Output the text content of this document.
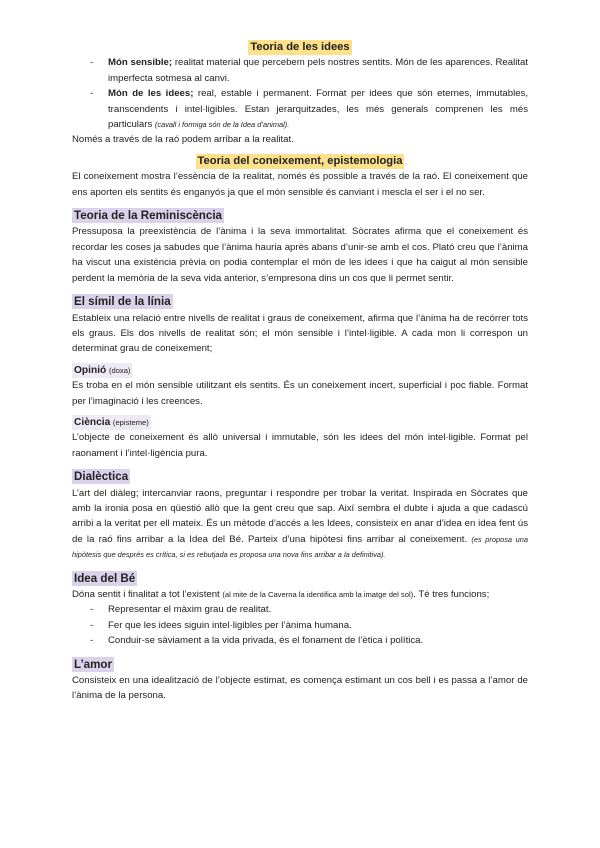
Teoria de les idees
- Món sensible; realitat material que percebem pels nostres sentits. Món de les aparences. Realitat imperfecta sotmesa al canvi.
- Món de les idees; real, estable i permanent. Format per idees que són eternes, immutables, transcendents i intel·ligibles. Estan jerarquitzades, les més generals comprenen les més particulars (cavall i formiga són de la Idea d’animal).

Només a través de la raó podem arribar a la realitat.

Teoria del coneixement, epistemologia

El coneixement mostra l’essència de la realitat, només és possible a través de la raó. El coneixement que ens aporten els sentits és enganyós ja que el món sensible és canviant i mescla el ser i el no ser.

Teoria de la Reminiscència

Pressuposa la preexistència de l’ànima i la seva immortalitat. Sòcrates afirma que el coneixement és recordar les coses ja sabudes que l’ànima hauria après abans d’unir-se amb el cos. Plató creu que l’ànima ha viscut una existència prèvia on podia contemplar el món de les idees i que ha caigut al món sensible perdent la memòria de la seva vida anterior, s’empresona dins un cos que li permet sentir.

El símil de la línia

Estableix una relació entre nivells de realitat i graus de coneixement, afirma que l’ànima ha de recórrer tots els graus. Els dos nivells de realitat són; el món sensible i l’intel·ligible. A cada mon li correspon un determinat grau de coneixement;

Opinió (doxa)

Es troba en el món sensible utilitzant els sentits. És un coneixement incert, superficial i poc fiable. Format per l’imaginació i les creences.

Ciència (episteme)

L’objecte de coneixement és allò universal i immutable, són les idees del món intel·ligible. Format pel raonament i l’intel·ligència pura.

Dialèctica

L’art del diàleg; intercanviar raons, preguntar i respondre per trobar la veritat. Inspirada en Sòcrates que amb la ironia posa en qüestió allò que la gent creu que sap. Així sembra el dubte i ajuda a que cadascú arribi a la veritat per ell mateix. És un mètode d’accés a les Idees, consisteix en anar d’idea en idea fent ús de la raó fins arribar a la Idea del Bé. Parteix d’una hipòtesi fins arribar al coneixement. (es proposa una hipòtesis que després es crítica, si es rebutjada es proposa una nova fins arribar a la definitiva).

Idea del Bé

Dóna sentit i finalitat a tot l’existent (al mite de la Caverna la identifica amb la imatge del sol). Té tres funcions;

- Representar el màxim grau de realitat.
- Fer que les idees siguin intel·ligibles per l’ànima humana.
- Conduir-se sàviament a la vida privada, és el fonament de l’ètica i política.
L’amor

Consisteix en una idealització de l’objecte estimat, es comença estimant un cos bell i es passa a l’amor de l’ànima de la persona.
